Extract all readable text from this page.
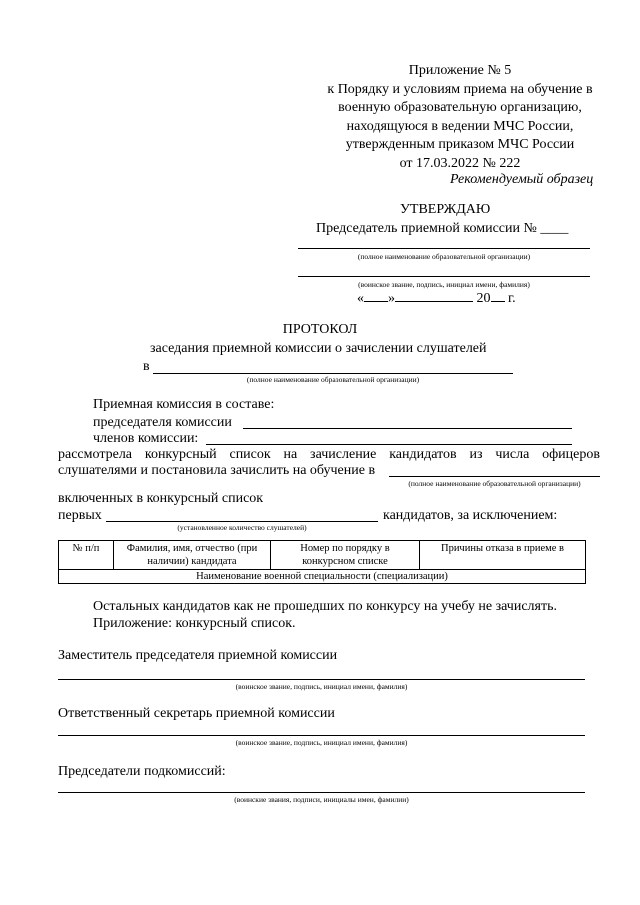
Приложение № 5
к Порядку и условиям приема на обучение в
военную образовательную организацию,
находящуюся в ведении МЧС России,
утвержденным приказом МЧС России
от 17.03.2022 № 222
Рекомендуемый образец
УТВЕРЖДАЮ
Председатель приемной комиссии № ____
(полное наименование образовательной организации)
(воинское звание, подпись, инициал имени, фамилия)
« »	20 г.
ПРОТОКОЛ
заседания приемной комиссии о зачислении слушателей
в
(полное наименование образовательной организации)
Приемная комиссия в составе:
председателя комиссии
членов комиссии:
рассмотрела конкурсный список на зачисление кандидатов из числа офицеров
слушателями и постановила зачислить на обучение в
(полное наименование образовательной организации)
включенных в конкурсный список
первых	кандидатов, за исключением:
(установленное количество слушателей)
№ п/п	Фамилия, имя, отчество (при наличии) кандидата	Номер по порядку в конкурсном списке	Причины отказа в приеме в
Наименование военной специальности (специализации)
Остальных кандидатов как не прошедших по конкурсу на учебу не зачислять.
Приложение: конкурсный список.
Заместитель председателя приемной комиссии
(воинское звание, подпись, инициал имени, фамилия)
Ответственный секретарь приемной комиссии
(воинское звание, подпись, инициал имени, фамилия)
Председатели подкомиссий:
(воинские звания, подписи, инициалы имен, фамилии)
